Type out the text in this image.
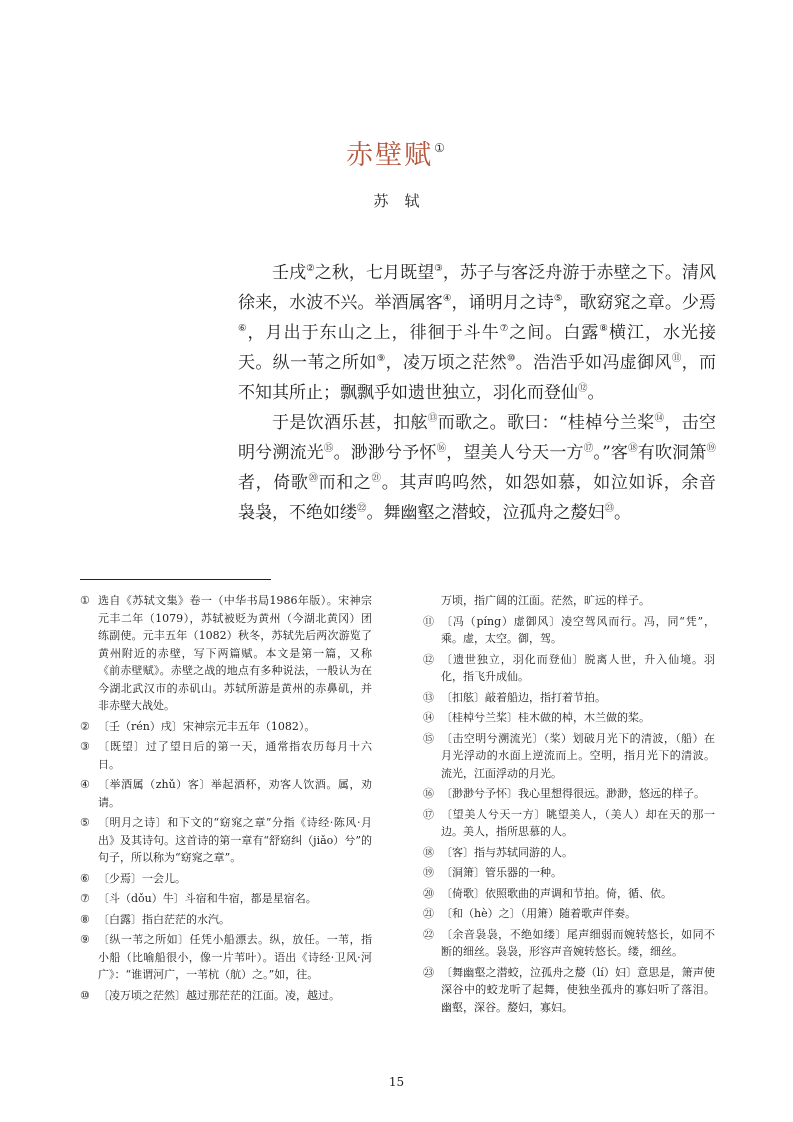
赤壁赋①
苏 轼

壬戌②之秋，七月既望③，苏子与客泛舟游于赤壁之下。清风徐来，水波不兴。举酒属客④，诵明月之诗⑤，歌窈窕之章。少焉⑥，月出于东山之上，徘徊于斗牛⑦之间。白露⑧横江，水光接天。纵一苇之所如⑨，凌万顷之茫然⑩。浩浩乎如冯虚御风⑪，而不知其所止；飘飘乎如遗世独立，羽化而登仙⑫。

于是饮酒乐甚，扣舷⑬而歌之。歌曰：“桂棹兮兰桨⑭，击空明兮溯流光⑮。渺渺兮予怀⑯，望美人兮天一方⑰。”客⑱有吹洞箫⑲者，倚歌⑳而和之$^㉑$。其声呜呜然，如怨如慕，如泣如诉，余音袅袅，不绝如缕$^㉒$。舞幽壑之潜蛟，泣孤舟之嫠妇$^㉓$。

① 选自《苏轼文集》卷一（中华书局1986年版）。宋神宗元丰二年（1079），苏轼被贬为黄州（今湖北黄冈）团练副使。元丰五年（1082）秋冬，苏轼先后两次游览了黄州附近的赤壁，写下两篇赋。本文是第一篇，又称《前赤壁赋》。赤壁之战的地点有多种说法，一般认为在今湖北武汉市的赤矶山。苏轼所游是黄州的赤鼻矶，并非赤壁大战处。
② 〔壬（rén）戌〕宋神宗元丰五年（1082）。
③ 〔既望〕过了望日后的第一天，通常指农历每月十六日。
④ 〔举酒属（zhǔ）客〕举起酒杯，劝客人饮酒。属，劝请。
⑤ 〔明月之诗〕和下文的“窈窕之章”分指《诗经·陈风·月出》及其诗句。这首诗的第一章有“舒窈纠（jiǎo）兮”的句子，所以称为“窈窕之章”。
⑥ 〔少焉〕一会儿。
⑦ 〔斗（dǒu）牛〕斗宿和牛宿，都是星宿名。
⑧ 〔白露〕指白茫茫的水汽。
⑨ 〔纵一苇之所如〕任凭小船漂去。纵，放任。一苇，指小船（比喻船很小，像一片苇叶）。语出《诗经·卫风·河广》：“谁谓河广，一苇杭（航）之。”如，往。
⑩ 〔凌万顷之茫然〕越过那茫茫的江面。凌，越过。
万顷，指广阔的江面。茫然，旷远的样子。
⑪ 〔冯（píng）虚御风〕凌空驾风而行。冯，同“凭”，乘。虚，太空。御，驾。
⑫ 〔遗世独立，羽化而登仙〕脱离人世，升入仙境。羽化，指飞升成仙。
⑬ 〔扣舷〕敲着船边，指打着节拍。
⑭ 〔桂棹兮兰桨〕桂木做的棹，木兰做的桨。
⑮ 〔击空明兮溯流光〕（桨）划破月光下的清波，（船）在月光浮动的水面上逆流而上。空明，指月光下的清波。流光，江面浮动的月光。
⑯ 〔渺渺兮予怀〕我心里想得很远。渺渺，悠远的样子。
⑰ 〔望美人兮天一方〕眺望美人，（美人）却在天的那一边。美人，指所思慕的人。
⑱ 〔客〕指与苏轼同游的人。
⑲ 〔洞箫〕管乐器的一种。
⑳ 〔倚歌〕依照歌曲的声调和节拍。倚，循、依。
㉑ 〔和（hè）之〕（用箫）随着歌声伴奏。
㉒ 〔余音袅袅，不绝如缕〕尾声细弱而婉转悠长，如同不断的细丝。袅袅，形容声音婉转悠长。缕，细丝。
㉓ 〔舞幽壑之潜蛟，泣孤舟之嫠（lí）妇〕意思是，箫声使深谷中的蛟龙听了起舞，使独坐孤舟的寡妇听了落泪。幽壑，深谷。嫠妇，寡妇。
15
